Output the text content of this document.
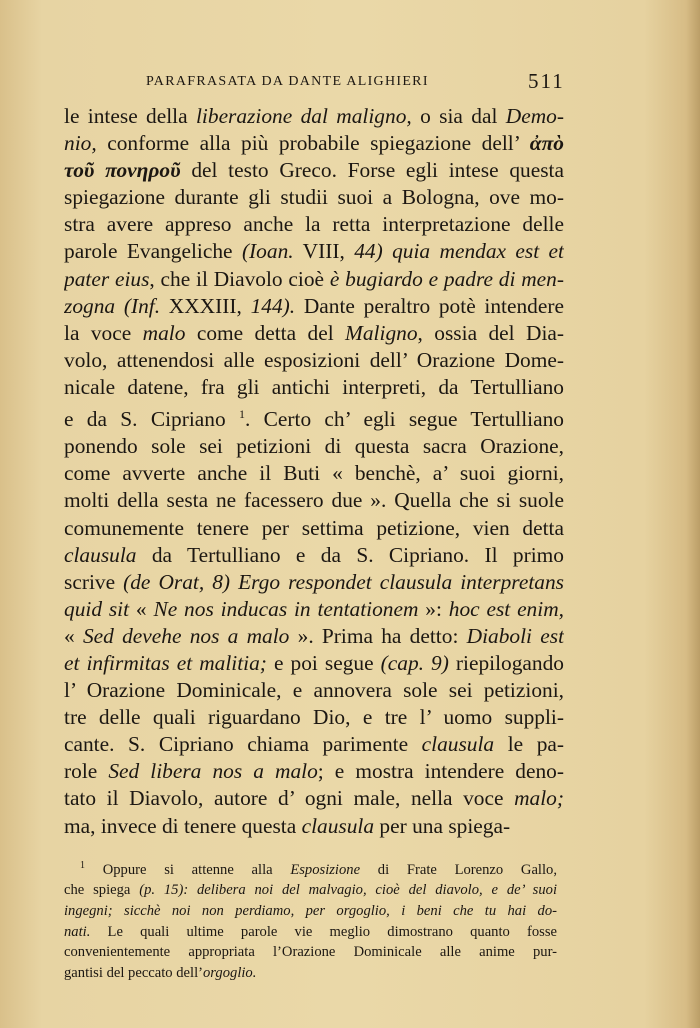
PARAFRASATA DA DANTE ALIGHIERI	511
le intese della liberazione dal maligno, o sia dal Demo-
nio, conforme alla più probabile spiegazione dell’ ἀπὸ
τοῦ πονηροῦ del testo Greco. Forse egli intese questa
spiegazione durante gli studii suoi a Bologna, ove mo-
stra avere appreso anche la retta interpretazione delle
parole Evangeliche (Ioan. VIII, 44) quia mendax est et
pater eius, che il Diavolo cioè è bugiardo e padre di men-
zogna (Inf. XXXIII, 144). Dante peraltro potè intendere
la voce malo come detta del Maligno, ossia del Dia-
volo, attenendosi alle esposizioni dell’ Orazione Dome-
nicale datene, fra gli antichi interpreti, da Tertulliano
e da S. Cipriano $^1$. Certo ch’ egli segue Tertulliano
ponendo sole sei petizioni di questa sacra Orazione,
come avverte anche il Buti « benchè, a’ suoi giorni,
molti della sesta ne facessero due ». Quella che si suole
comunemente tenere per settima petizione, vien detta
clausula da Tertulliano e da S. Cipriano. Il primo
scrive (de Orat, 8) Ergo respondet clausula interpretans
quid sit « Ne nos inducas in tentationem »: hoc est enim,
« Sed devehe nos a malo ». Prima ha detto: Diaboli est
et infirmitas et malitia; e poi segue (cap. 9) riepilogando
l’ Orazione Dominicale, e annovera sole sei petizioni,
tre delle quali riguardano Dio, e tre l’ uomo suppli-
cante. S. Cipriano chiama parimente clausula le pa-
role Sed libera nos a malo; e mostra intendere deno-
tato il Diavolo, autore d’ ogni male, nella voce malo;
ma, invece di tenere questa clausula per una spiega-
$^1$ Oppure si attenne alla Esposizione di Frate Lorenzo Gallo,
che spiega (p. 15): delibera noi del malvagio, cioè del diavolo, e de’ suoi
ingegni; sicchè noi non perdiamo, per orgoglio, i beni che tu hai do-
nati. Le quali ultime parole vie meglio dimostrano quanto fosse
convenientemente appropriata l’Orazione Dominicale alle anime pur-
gantisi del peccato dell’orgoglio.
